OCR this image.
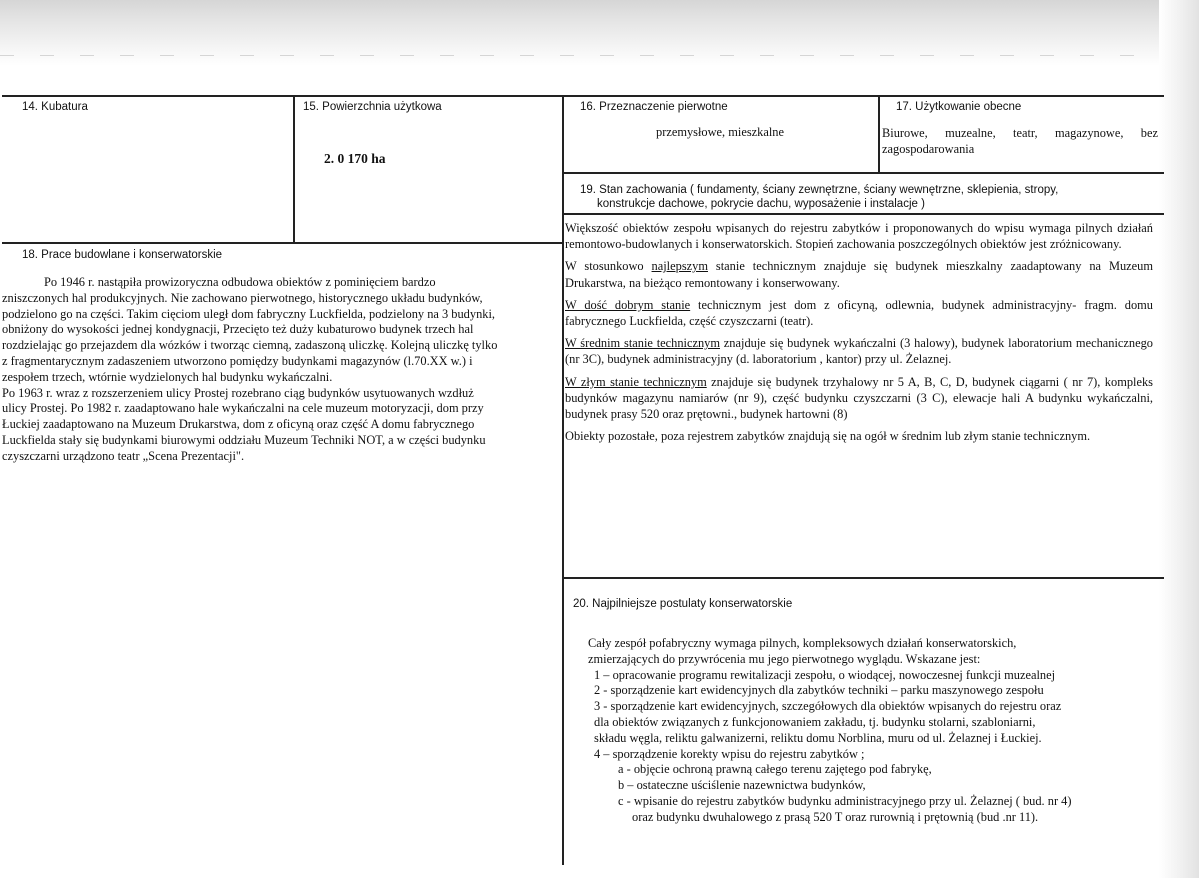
14. Kubatura	15. Powierzchnia użytkowa
2. 0 170 ha
16. Przeznaczenie pierwotne
przemysłowe, mieszkalne
17. Użytkowanie obecne

Biurowe, muzealne, teatr, magazynowe, bez zagospodarowania

18. Prace budowlane i konserwatorskie
Po 1946 r. nastąpiła prowizoryczna odbudowa obiektów z pominięciem bardzo
zniszczonych hal produkcyjnych. Nie zachowano pierwotnego, historycznego układu budynków,
podzielono go na części. Takim cięciom uległ dom fabryczny Luckfielda, podzielony na 3 budynki,
obniżony do wysokości jednej kondygnacji, Przecięto też duży kubaturowo budynek trzech hal
rozdzielając go przejazdem dla wózków i tworząc ciemną, zadaszoną uliczkę. Kolejną uliczkę tylko
z fragmentarycznym zadaszeniem utworzono pomiędzy budynkami magazynów (l.70.XX w.) i
zespołem trzech, wtórnie wydzielonych hal budynku wykańczalni.
Po 1963 r. wraz z rozszerzeniem ulicy Prostej rozebrano ciąg budynków usytuowanych wzdłuż
ulicy Prostej. Po 1982 r. zaadaptowano hale wykańczalni na cele muzeum motoryzacji, dom przy
Łuckiej zaadaptowano na Muzeum Drukarstwa, dom z oficyną oraz część A domu fabrycznego
Luckfielda stały się budynkami biurowymi oddziału Muzeum Techniki NOT, a w części budynku
czyszczarni urządzono teatr „Scena Prezentacji".
19. Stan zachowania ( fundamenty, ściany zewnętrzne, ściany wewnętrzne, sklepienia, stropy,
konstrukcje dachowe, pokrycie dachu, wyposażenie i instalacje )

Większość obiektów zespołu wpisanych do rejestru zabytków i proponowanych do wpisu wymaga pilnych działań remontowo-budowlanych i konserwatorskich. Stopień zachowania poszczególnych obiektów jest zróżnicowany.

W stosunkowo najlepszym stanie technicznym znajduje się budynek mieszkalny zaadaptowany na Muzeum Drukarstwa, na bieżąco remontowany i konserwowany.

W dość dobrym stanie technicznym jest dom z oficyną, odlewnia, budynek administracyjny- fragm. domu fabrycznego Luckfielda, część czyszczarni (teatr).

W średnim stanie technicznym znajduje się budynek wykańczalni (3 halowy), budynek laboratorium mechanicznego (nr 3C), budynek administracyjny (d. laboratorium , kantor) przy ul. Żelaznej.

W złym stanie technicznym znajduje się budynek trzyhalowy nr 5 A, B, C, D, budynek ciągarni ( nr 7), kompleks budynków magazynu namiarów (nr 9), część budynku czyszczarni (3 C), elewacje hali A budynku wykańczalni, budynek prasy 520 oraz prętowni., budynek hartowni (8)

Obiekty pozostałe, poza rejestrem zabytków znajdują się na ogół w średnim lub złym stanie technicznym.

20. Najpilniejsze postulaty konserwatorskie
Cały zespół pofabryczny wymaga pilnych, kompleksowych działań konserwatorskich,
zmierzających do przywrócenia mu jego pierwotnego wyglądu. Wskazane jest:
1 – opracowanie programu rewitalizacji zespołu, o wiodącej, nowoczesnej funkcji muzealnej
2 - sporządzenie kart ewidencyjnych dla zabytków techniki – parku maszynowego zespołu
3 - sporządzenie kart ewidencyjnych, szczegółowych dla obiektów wpisanych do rejestru oraz
dla obiektów związanych z funkcjonowaniem zakładu, tj. budynku stolarni, szabloniarni,
składu węgla, reliktu galwanizerni, reliktu domu Norblina, muru od ul. Żelaznej i Łuckiej.
4 – sporządzenie korekty wpisu do rejestru zabytków ;
a - objęcie ochroną prawną całego terenu zajętego pod fabrykę,
b – ostateczne uściślenie nazewnictwa budynków,
c - wpisanie do rejestru zabytków budynku administracyjnego przy ul. Żelaznej ( bud. nr 4)
oraz budynku dwuhalowego z prasą 520 T oraz rurownią i prętownią (bud .nr 11).
